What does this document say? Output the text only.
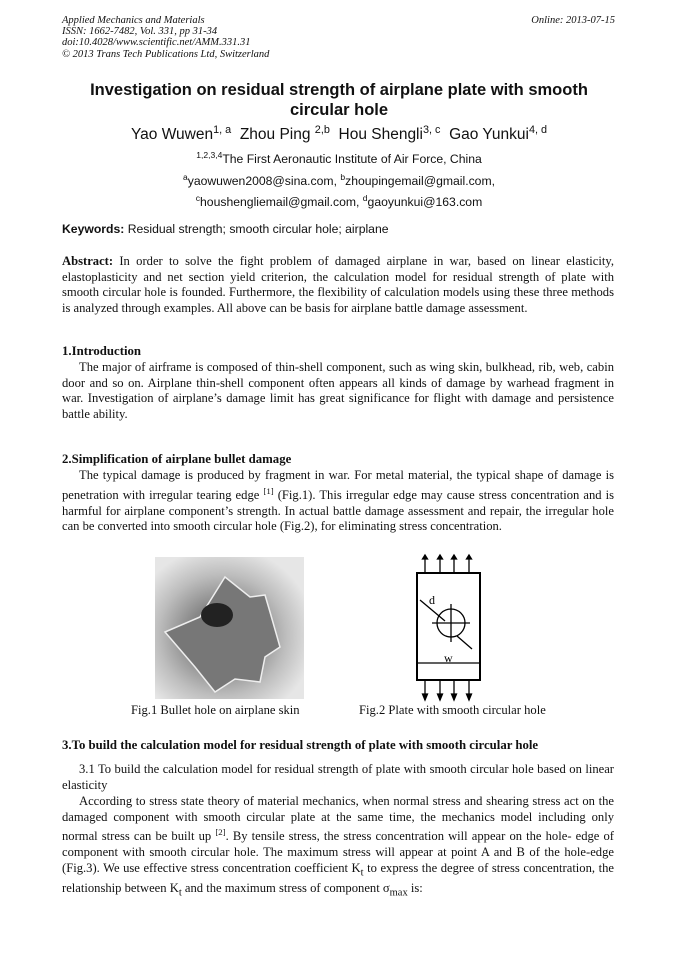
Applied Mechanics and Materials
ISSN: 1662-7482, Vol. 331, pp 31-34
doi:10.4028/www.scientific.net/AMM.331.31
© 2013 Trans Tech Publications Ltd, Switzerland
Online: 2013-07-15
Investigation on residual strength of airplane plate with smooth circular hole
Yao Wuwen$^{1, a}$ Zhou Ping $^{2,b}$ Hou Shengli$^{3, c}$ Gao Yunkui$^{4, d}$
$^{1,2,3,4}$The First Aeronautic Institute of Air Force, China
$^a$yaowuwen2008@sina.com, $^b$zhoupingemail@gmail.com,
$^c$houshengliemail@gmail.com, $^d$gaoyunkui@163.com
Keywords: Residual strength; smooth circular hole; airplane
Abstract: In order to solve the fight problem of damaged airplane in war, based on linear elasticity, elastoplasticity and net section yield criterion, the calculation model for residual strength of plate with smooth circular hole is founded. Furthermore, the flexibility of calculation models using these three methods is analyzed through examples. All above can be basis for airplane battle damage assessment.
1.Introduction
The major of airframe is composed of thin-shell component, such as wing skin, bulkhead, rib, web, cabin door and so on. Airplane thin-shell component often appears all kinds of damage by warhead fragment in war. Investigation of airplane’s damage limit has great significance for flight with damage and persistence battle ability.
2.Simplification of airplane bullet damage
The typical damage is produced by fragment in war. For metal material, the typical shape of damage is penetration with irregular tearing edge [1] (Fig.1). This irregular edge may cause stress concentration and is harmful for airplane component’s strength. In actual battle damage assessment and repair, the irregular hole can be converted into smooth circular hole (Fig.2), for eliminating stress concentration.
d
w
Fig.1 Bullet hole on airplane skin	Fig.2 Plate with smooth circular hole
3.To build the calculation model for residual strength of plate with smooth circular hole
3.1 To build the calculation model for residual strength of plate with smooth circular hole based on linear elasticity
According to stress state theory of material mechanics, when normal stress and shearing stress act on the damaged component with smooth circular plate at the same time, the mechanics model including only normal stress can be built up [2]. By tensile stress, the stress concentration will appear on the hole- edge of component with smooth circular hole. The maximum stress will appear at point A and B of the hole-edge (Fig.3). We use effective stress concentration coefficient $K_t$ to express the degree of stress concentration, the relationship between $K_t$ and the maximum stress of component $\sigma_{max}$ is:
